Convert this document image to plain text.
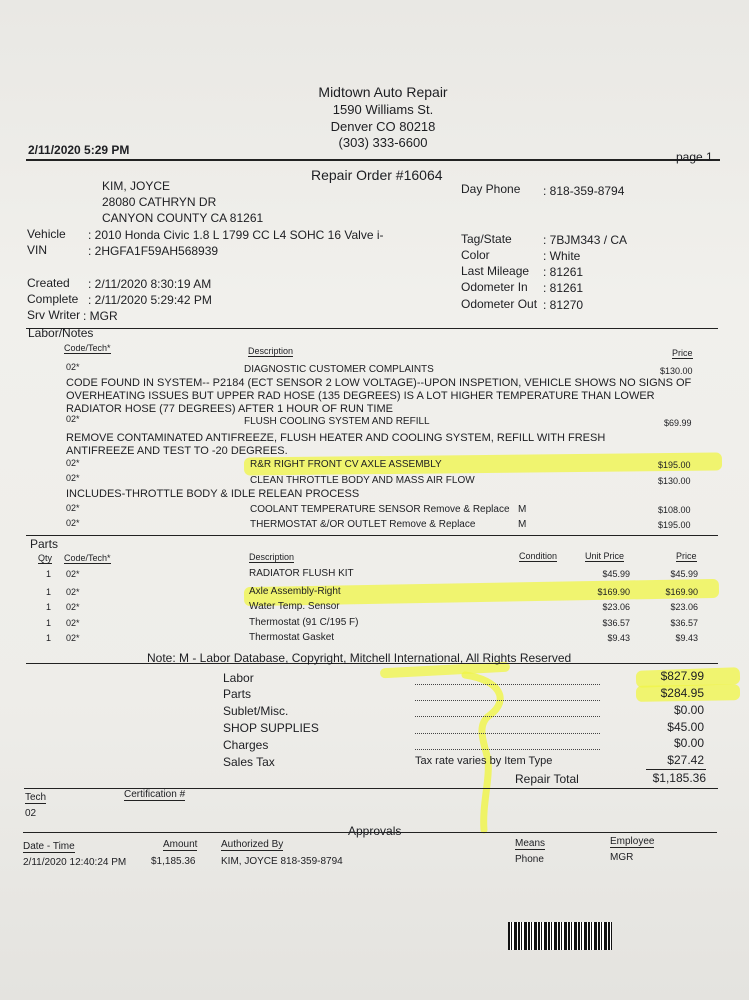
Midtown Auto Repair
1590 Williams St.
Denver CO 80218
(303) 333-6600
2/11/2020 5:29 PM	page 1
Repair Order #16064
KIM, JOYCE
28080 CATHRYN DR
CANYON COUNTY CA 81261
Day Phone : 818-359-8794
Vehicle : 2010 Honda Civic 1.8 L 1799 CC L4 SOHC 16 Valve i-
VIN	: 2HGFA1F59AH568939
Tag/State	: 7BJM343 / CA
Color	: White
Last Mileage : 81261
Odometer In : 81261
Odometer Out : 81270
Created : 2/11/2020 8:30:19 AM
Complete : 2/11/2020 5:29:42 PM
Srv Writer : MGR
Labor/Notes
Code/Tech*	Description	Price
02*	DIAGNOSTIC CUSTOMER COMPLAINTS	$130.00
CODE FOUND IN SYSTEM-- P2184 (ECT SENSOR 2 LOW VOLTAGE)--UPON INSPETION, VEHICLE SHOWS NO SIGNS OF OVERHEATING ISSUES BUT UPPER RAD HOSE (135 DEGREES) IS A LOT HIGHER TEMPERATURE THAN LOWER RADIATOR HOSE (77 DEGREES) AFTER 1 HOUR OF RUN TIME
02*	FLUSH COOLING SYSTEM AND REFILL	$69.99
REMOVE CONTAMINATED ANTIFREEZE, FLUSH HEATER AND COOLING SYSTEM, REFILL WITH FRESH ANTIFREEZE AND TEST TO -20 DEGREES.
02*	R&R RIGHT FRONT CV AXLE ASSEMBLY	$195.00
02*	CLEAN THROTTLE BODY AND MASS AIR FLOW	$130.00
INCLUDES-THROTTLE BODY & IDLE RELEAN PROCESS
02*	COOLANT TEMPERATURE SENSOR Remove & Replace M	$108.00
02*	THERMOSTAT &/OR OUTLET Remove & Replace	M	$195.00
Parts
Qty Code/Tech*	Description	Condition	Unit Price	Price
1 02*	RADIATOR FLUSH KIT	$45.99	$45.99
1 02*	Axle Assembly-Right	$169.90	$169.90
1 02*	Water Temp. Sensor	$23.06	$23.06
1 02*	Thermostat (91 C/195 F)	$36.57	$36.57
1 02*	Thermostat Gasket	$9.43	$9.43
Note: M - Labor Database, Copyright, Mitchell International, All Rights Reserved
Labor	$827.99
Parts	$284.95
Sublet/Misc.	$0.00
SHOP SUPPLIES	$45.00
Charges	$0.00
Sales Tax	Tax rate varies by Item Type	$27.42
Repair Total	$1,185.36
Tech	Certification #
02
Approvals
Date - Time	Amount Authorized By	Means	Employee
2/11/2020 12:40:24 PM $1,185.36	KIM, JOYCE 818-359-8794	Phone	MGR
